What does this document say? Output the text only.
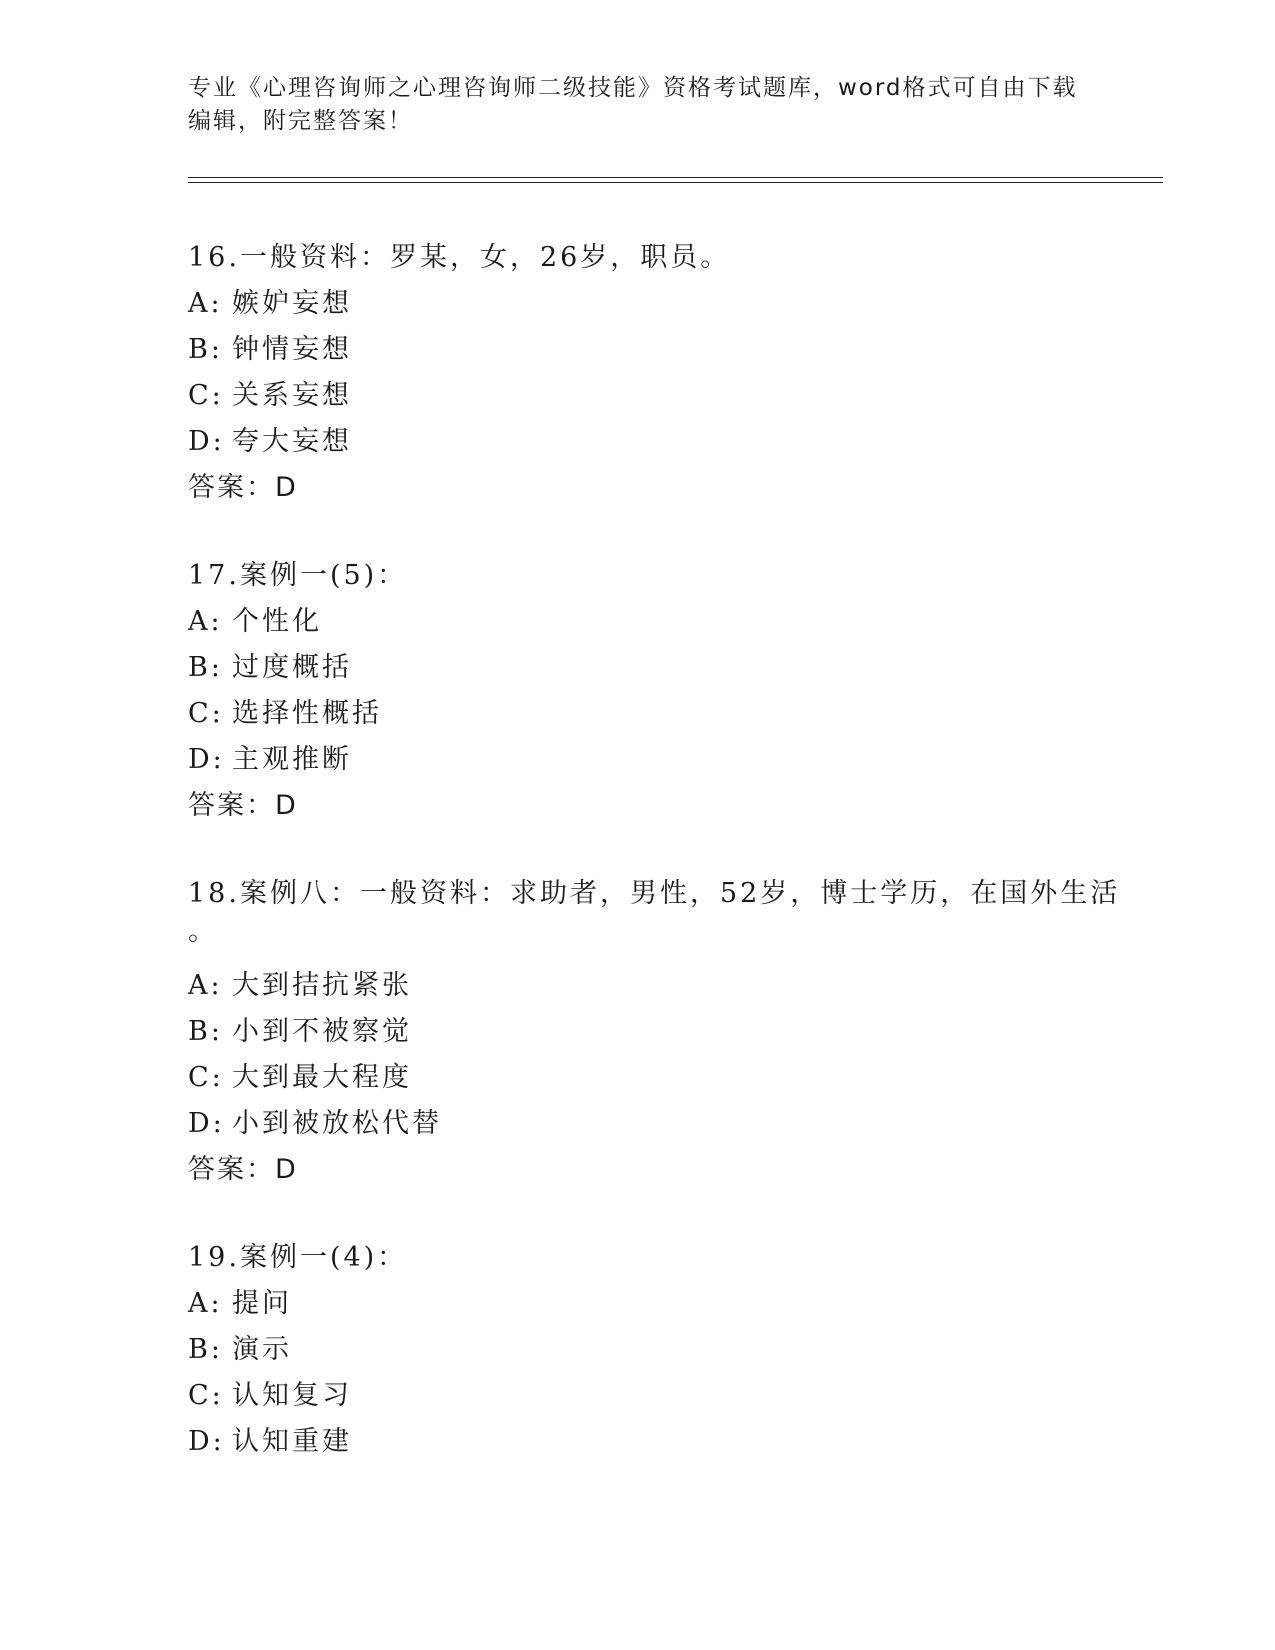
专业《心理咨询师之心理咨询师二级技能》资格考试题库，word格式可自由下载
编辑，附完整答案！
16.一般资料：罗某，女，26岁，职员。
A: 嫉妒妄想
B: 钟情妄想
C: 关系妄想
D: 夸大妄想
答案：D
17.案例一(5)：
A: 个性化
B: 过度概括
C: 选择性概括
D: 主观推断
答案：D
18.案例八：一般资料：求助者，男性，52岁，博士学历，在国外生活
。
A: 大到拮抗紧张
B: 小到不被察觉
C: 大到最大程度
D: 小到被放松代替
答案：D
19.案例一(4)：
A: 提问
B: 演示
C: 认知复习
D: 认知重建
